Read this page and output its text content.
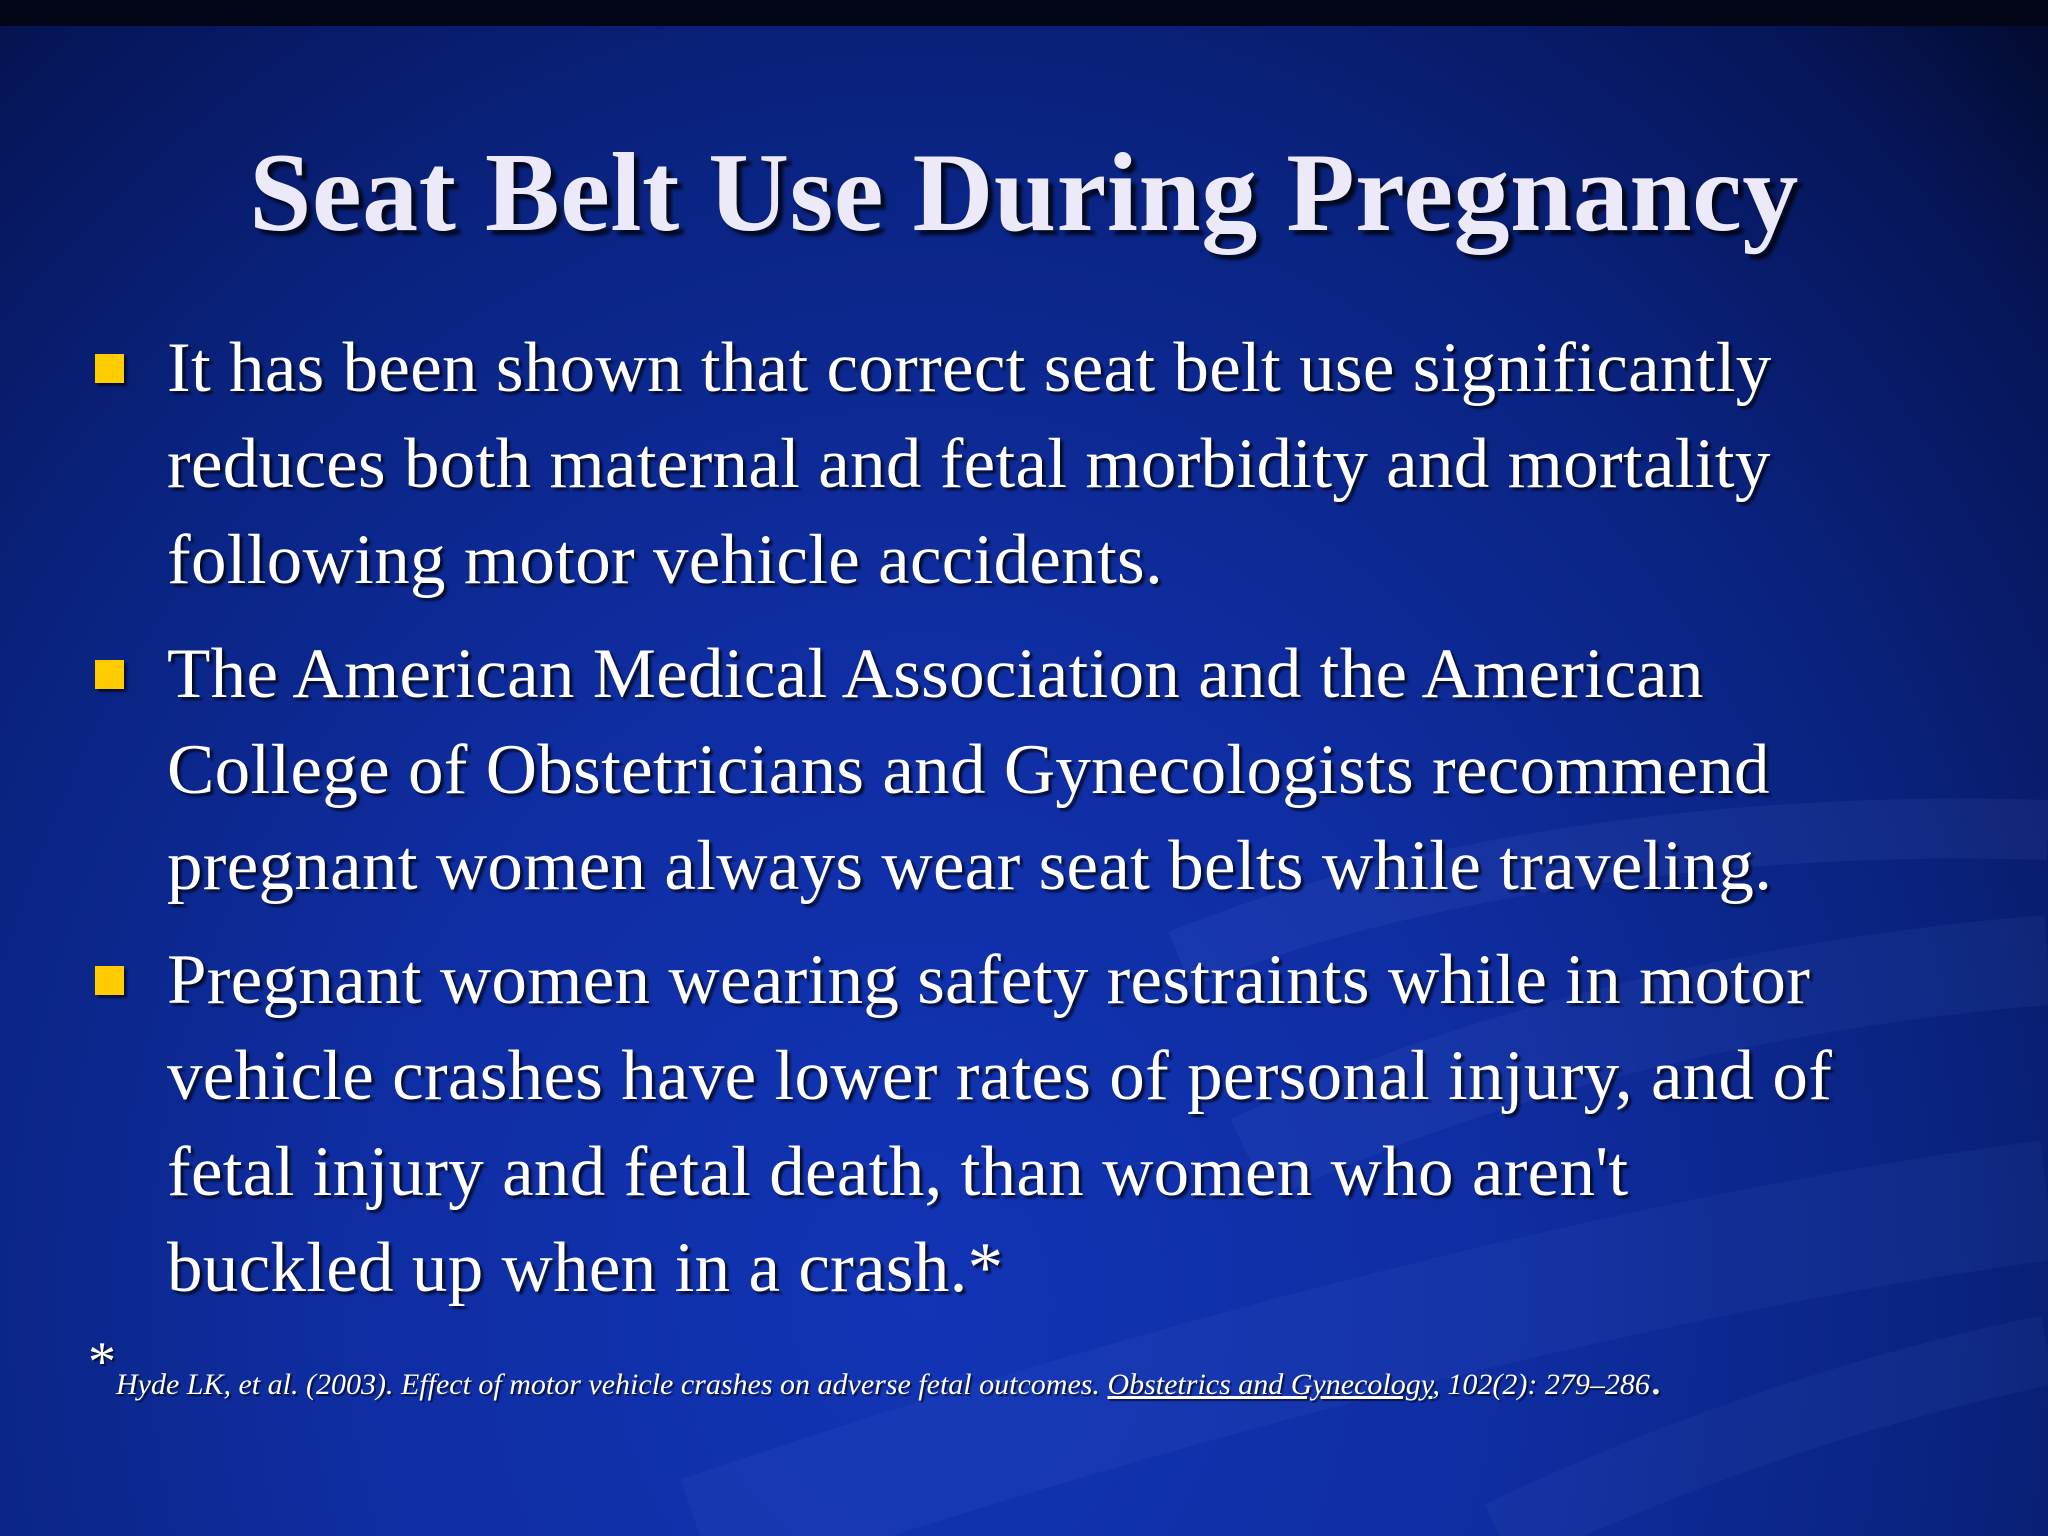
Seat Belt Use During Pregnancy
It has been shown that correct seat belt use significantly
reduces both maternal and fetal morbidity and mortality
following motor vehicle accidents.
The American Medical Association and the American
College of Obstetricians and Gynecologists recommend
pregnant women always wear seat belts while traveling.
Pregnant women wearing safety restraints while in motor
vehicle crashes have lower rates of personal injury, and of
fetal injury and fetal death, than women who aren't
buckled up when in a crash.*
*Hyde LK, et al. (2003). Effect of motor vehicle crashes on adverse fetal outcomes. Obstetrics and Gynecology, 102(2): 279–286.
